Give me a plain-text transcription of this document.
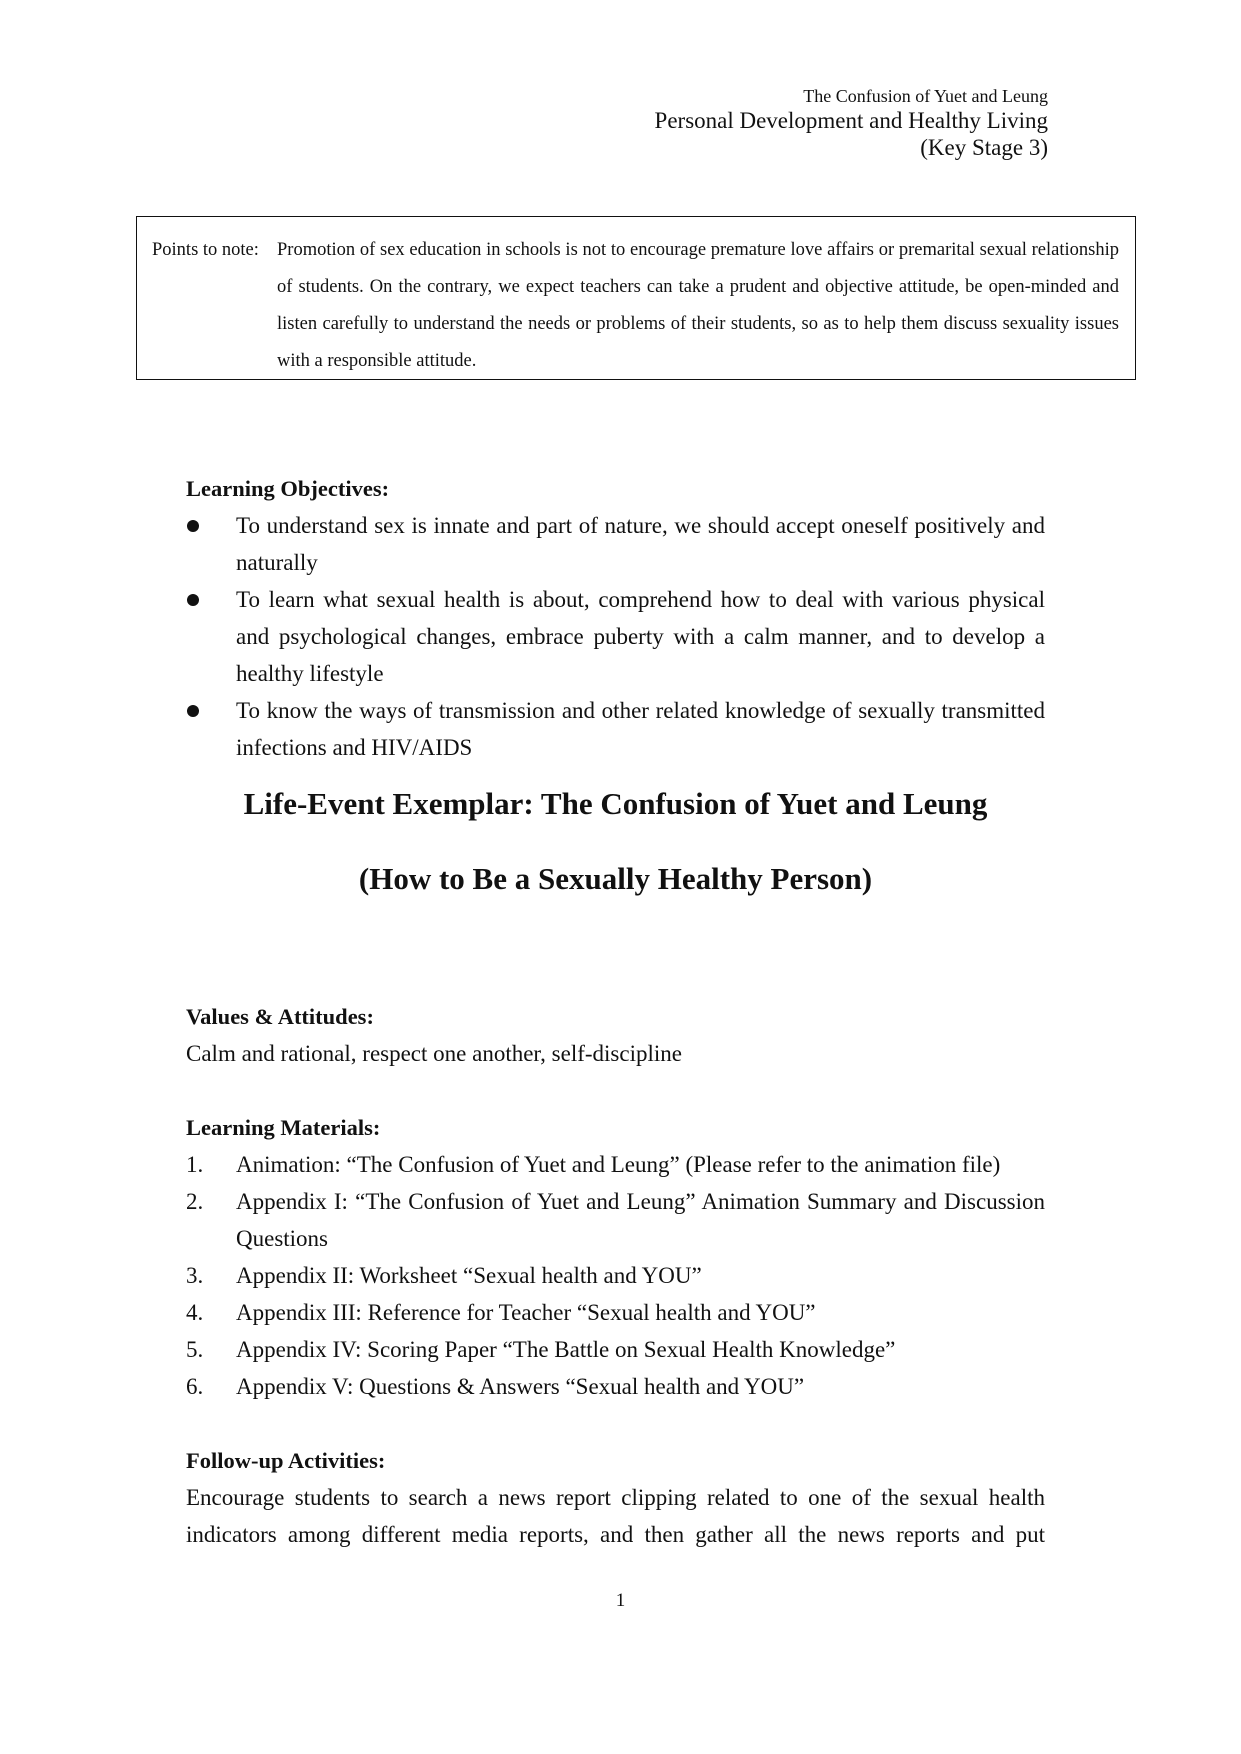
The Confusion of Yuet and Leung
Personal Development and Healthy Living
(Key Stage 3)
Points to note: Promotion of sex education in schools is not to encourage premature love affairs or premarital sexual relationship of students. On the contrary, we expect teachers can take a prudent and objective attitude, be open-minded and listen carefully to understand the needs or problems of their students, so as to help them discuss sexuality issues with a responsible attitude.
Learning Objectives:
To understand sex is innate and part of nature, we should accept oneself positively and naturally
To learn what sexual health is about, comprehend how to deal with various physical and psychological changes, embrace puberty with a calm manner, and to develop a healthy lifestyle
To know the ways of transmission and other related knowledge of sexually transmitted infections and HIV/AIDS

Life-Event Exemplar: The Confusion of Yuet and Leung

(How to Be a Sexually Healthy Person)

Values & Attitudes:
Calm and rational, respect one another, self-discipline
Learning Materials:
1. Animation: “The Confusion of Yuet and Leung” (Please refer to the animation file)
2. Appendix I: “The Confusion of Yuet and Leung” Animation Summary and Discussion Questions
3. Appendix II: Worksheet “Sexual health and YOU”
4. Appendix III: Reference for Teacher “Sexual health and YOU”
5. Appendix IV: Scoring Paper “The Battle on Sexual Health Knowledge”
6. Appendix V: Questions & Answers “Sexual health and YOU”
Follow-up Activities:
Encourage students to search a news report clipping related to one of the sexual health indicators among different media reports, and then gather all the news reports and put
1
